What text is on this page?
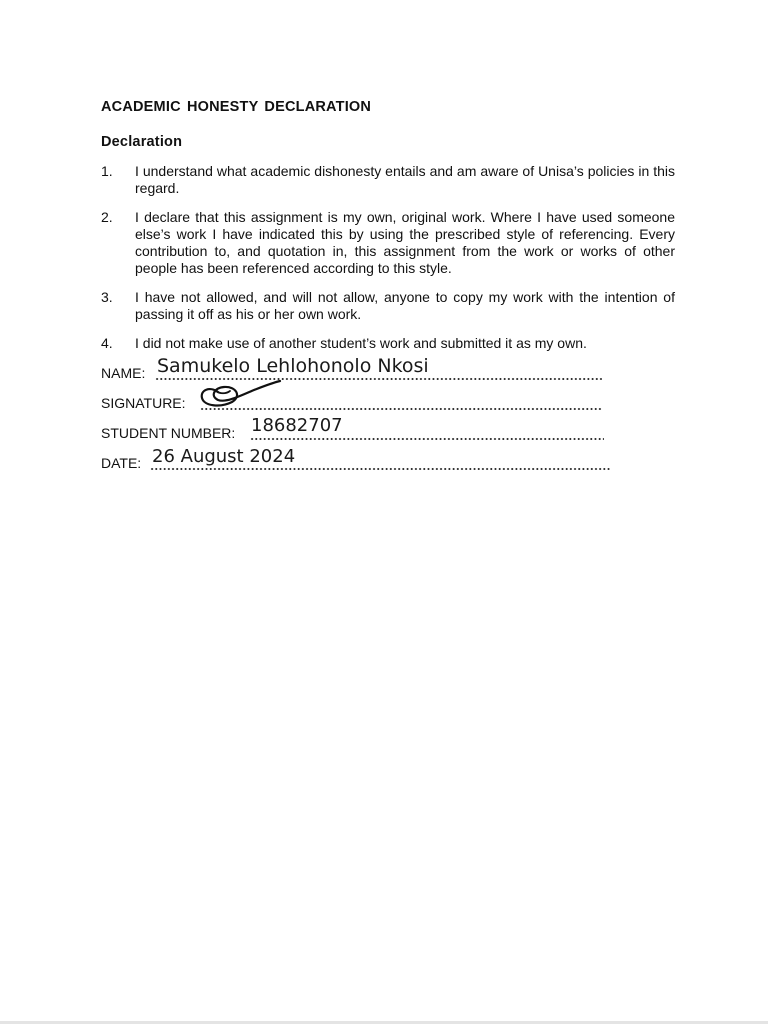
ACADEMIC HONESTY DECLARATION
Declaration
1.	I understand what academic dishonesty entails and am aware of Unisa’s policies in this regard.
2.	I declare that this assignment is my own, original work. Where I have used someone else’s work I have indicated this by using the prescribed style of referencing. Every contribution to, and quotation in, this assignment from the work or works of other people has been referenced according to this style.
3.	I have not allowed, and will not allow, anyone to copy my work with the intention of passing it off as his or her own work.
4.	I did not make use of another student’s work and submitted it as my own.
NAME: Samukelo Lehlohonolo Nkosi
SIGNATURE:
STUDENT NUMBER: 18682707
DATE: 26 August 2024
